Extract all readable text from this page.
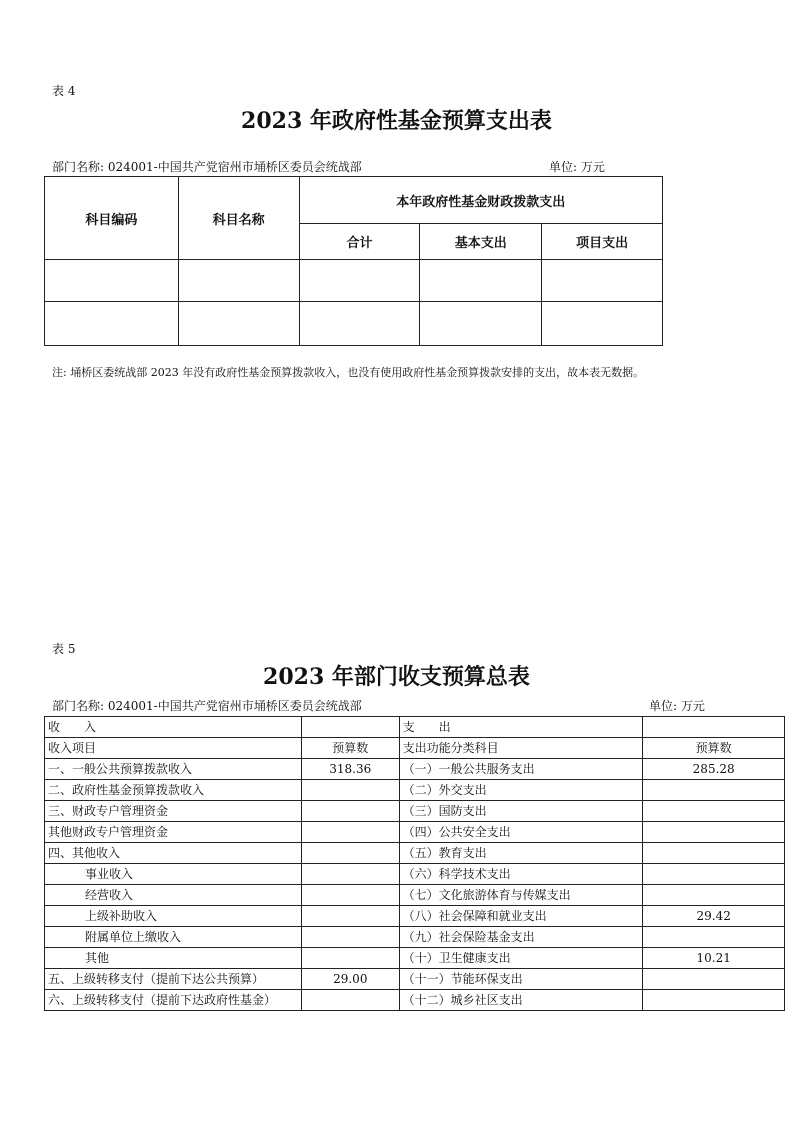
表 4
2023 年政府性基金预算支出表
部门名称: 024001-中国共产党宿州市埇桥区委员会统战部	单位: 万元
科目编码	科目名称	本年政府性基金财政拨款支出		
		合计	基本支出	项目支出

注: 埇桥区委统战部 2023 年没有政府性基金预算拨款收入，也没有使用政府性基金预算拨款安排的支出，故本表无数据。
表 5
2023 年部门收支预算总表
部门名称: 024001-中国共产党宿州市埇桥区委员会统战部	单位: 万元
收　　入		支　　出	
收入项目	预算数	支出功能分类科目	预算数
一、一般公共预算拨款收入	318.36	（一）一般公共服务支出	285.28
二、政府性基金预算拨款收入		（二）外交支出	
三、财政专户管理资金		（三）国防支出	
其他财政专户管理资金		（四）公共安全支出	
四、其他收入		（五）教育支出	
事业收入		（六）科学技术支出	
经营收入		（七）文化旅游体育与传媒支出	
上级补助收入		（八）社会保障和就业支出	29.42
附属单位上缴收入		（九）社会保险基金支出	
其他		（十）卫生健康支出	10.21
五、上级转移支付（提前下达公共预算）	29.00	（十一）节能环保支出	
六、上级转移支付（提前下达政府性基金）		（十二）城乡社区支出	
